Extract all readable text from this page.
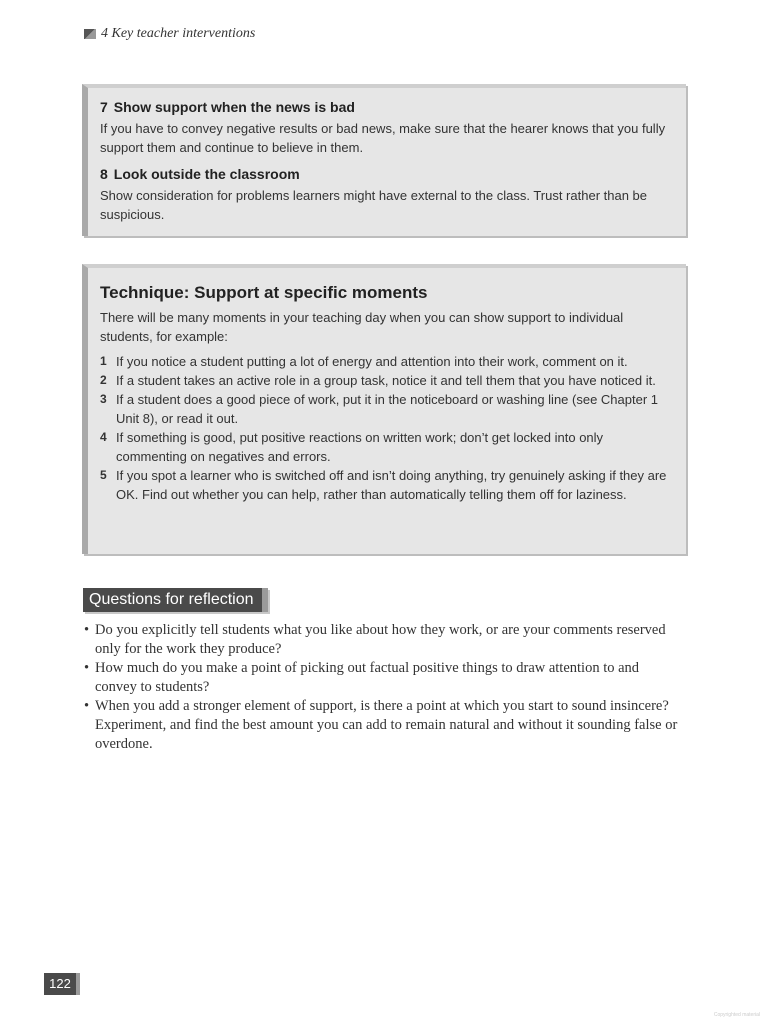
4 Key teacher interventions
7 Show support when the news is bad

If you have to convey negative results or bad news, make sure that the hearer knows that you fully support them and continue to believe in them.

8 Look outside the classroom

Show consideration for problems learners might have external to the class. Trust rather than be suspicious.

Technique: Support at specific moments

There will be many moments in your teaching day when you can show support to individual students, for example:

1 If you notice a student putting a lot of energy and attention into their work, comment on it.
2 If a student takes an active role in a group task, notice it and tell them that you have noticed it.
3 If a student does a good piece of work, put it in the noticeboard or washing line (see Chapter 1 Unit 8), or read it out.
4 If something is good, put positive reactions on written work; don’t get locked into only commenting on negatives and errors.
5 If you spot a learner who is switched off and isn’t doing anything, try genuinely asking if they are OK. Find out whether you can help, rather than automatically telling them off for laziness.
Questions for reflection
• Do you explicitly tell students what you like about how they work, or are your comments reserved only for the work they produce?
• How much do you make a point of picking out factual positive things to draw attention to and convey to students?
• When you add a stronger element of support, is there a point at which you start to sound insincere? Experiment, and find the best amount you can add to remain natural and without it sounding false or overdone.
122
Copyrighted material
